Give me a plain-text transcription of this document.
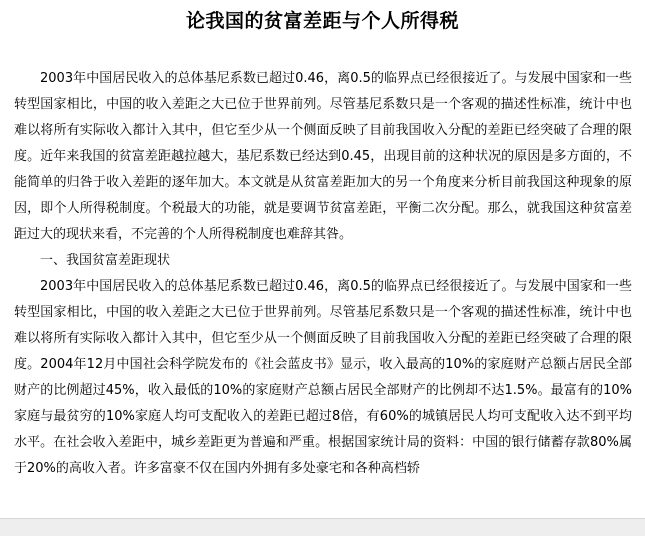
论我国的贫富差距与个人所得税

2003年中国居民收入的总体基尼系数已超过0.46，离0.5的临界点已经很接近了。与发展中国家和一些转型国家相比，中国的收入差距之大已位于世界前列。尽管基尼系数只是一个客观的描述性标准，统计中也难以将所有实际收入都计入其中，但它至少从一个侧面反映了目前我国收入分配的差距已经突破了合理的限度。近年来我国的贫富差距越拉越大，基尼系数已经达到0.45，出现目前的这种状况的原因是多方面的，不能简单的归咎于收入差距的逐年加大。本文就是从贫富差距加大的另一个角度来分析目前我国这种现象的原因，即个人所得税制度。个税最大的功能，就是要调节贫富差距，平衡二次分配。那么，就我国这种贫富差距过大的现状来看，不完善的个人所得税制度也难辞其咎。

一、我国贫富差距现状

2003年中国居民收入的总体基尼系数已超过0.46，离0.5的临界点已经很接近了。与发展中国家和一些转型国家相比，中国的收入差距之大已位于世界前列。尽管基尼系数只是一个客观的描述性标准，统计中也难以将所有实际收入都计入其中，但它至少从一个侧面反映了目前我国收入分配的差距已经突破了合理的限度。2004年12月中国社会科学院发布的《社会蓝皮书》显示，收入最高的10%的家庭财产总额占居民全部财产的比例超过45%，收入最低的10%的家庭财产总额占居民全部财产的比例却不达1.5%。最富有的10%家庭与最贫穷的10%家庭人均可支配收入的差距已超过8倍，有60%的城镇居民人均可支配收入达不到平均水平。在社会收入差距中，城乡差距更为普遍和严重。根据国家统计局的资料：中国的银行储蓄存款80%属于20%的高收入者。许多富豪不仅在国内外拥有多处豪宅和各种高档轿
